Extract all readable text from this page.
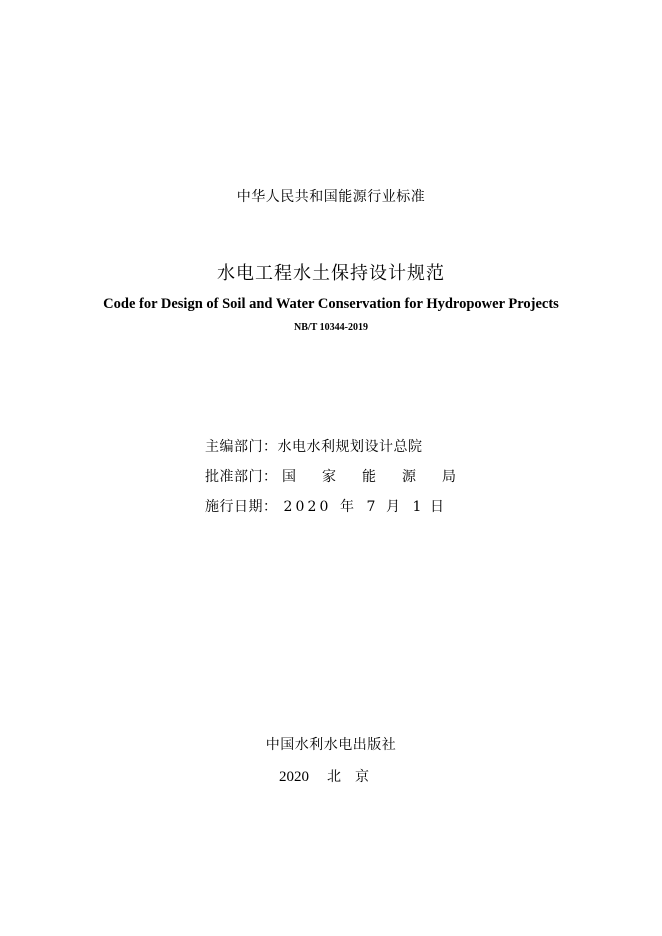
中华人民共和国能源行业标准
水电工程水土保持设计规范
Code for Design of Soil and Water Conservation for Hydropower Projects
NB/T 10344-2019
主编部门：水电水利规划设计总院
批准部门： 国 家 能 源 局
施行日期： 2 0 2 0 年 7 月 1 日
中国水利水电出版社
2020 北京
